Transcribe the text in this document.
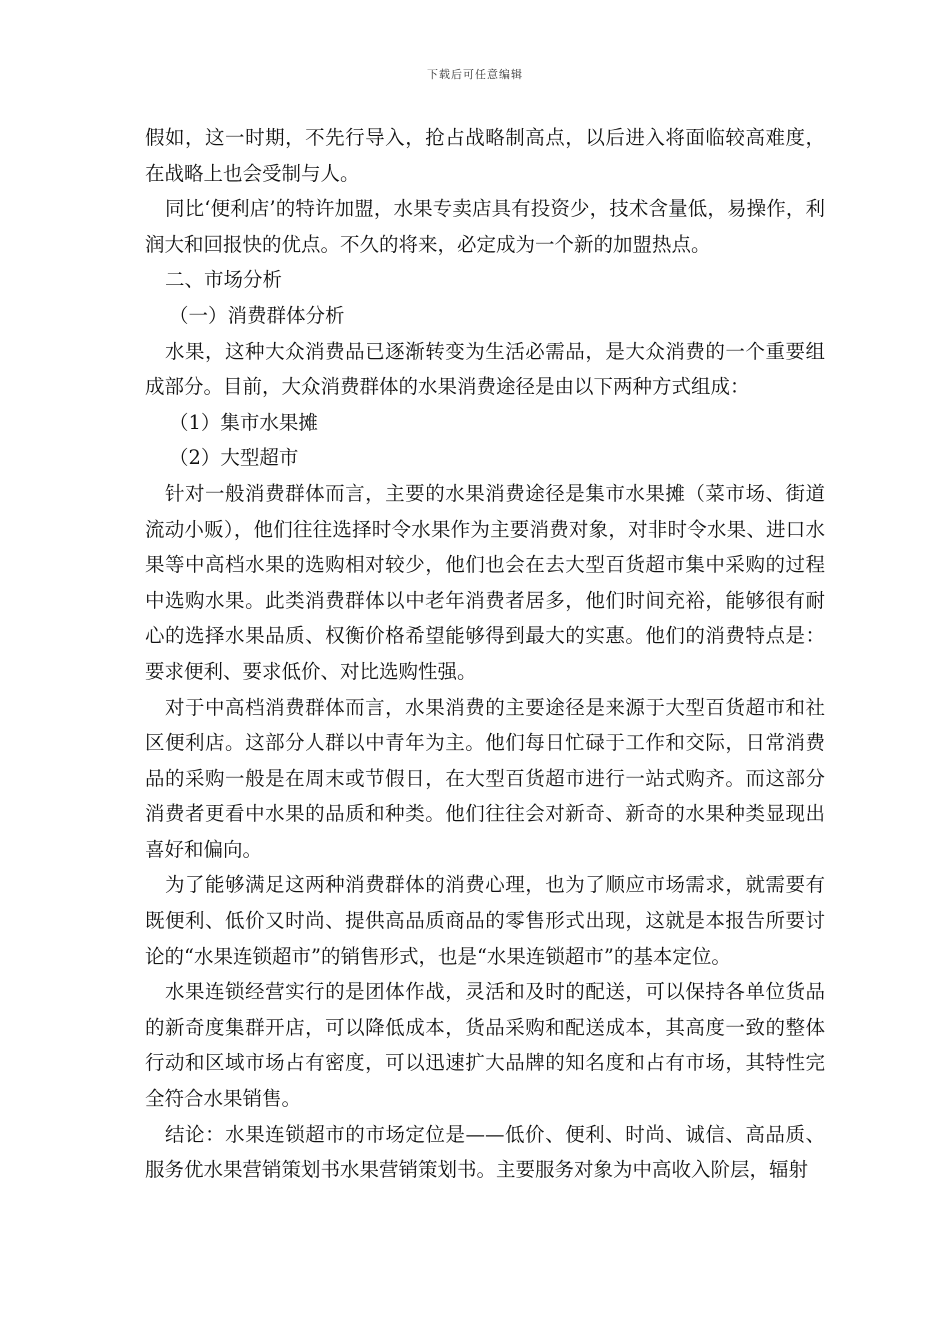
下载后可任意编辑

假如，这一时期，不先行导入，抢占战略制高点，以后进入将面临较高难度，在战略上也会受制与人。

同比‘便利店’的特许加盟，水果专卖店具有投资少，技术含量低，易操作，利润大和回报快的优点。不久的将来，必定成为一个新的加盟热点。

二、市场分析

（一）消费群体分析

水果，这种大众消费品已逐渐转变为生活必需品，是大众消费的一个重要组成部分。目前，大众消费群体的水果消费途径是由以下两种方式组成：

（1）集市水果摊

（2）大型超市

针对一般消费群体而言，主要的水果消费途径是集市水果摊（菜市场、街道流动小贩），他们往往选择时令水果作为主要消费对象，对非时令水果、进口水果等中高档水果的选购相对较少，他们也会在去大型百货超市集中采购的过程中选购水果。此类消费群体以中老年消费者居多，他们时间充裕，能够很有耐心的选择水果品质、权衡价格希望能够得到最大的实惠。他们的消费特点是：要求便利、要求低价、对比选购性强。

对于中高档消费群体而言，水果消费的主要途径是来源于大型百货超市和社区便利店。这部分人群以中青年为主。他们每日忙碌于工作和交际，日常消费品的采购一般是在周末或节假日，在大型百货超市进行一站式购齐。而这部分消费者更看中水果的品质和种类。他们往往会对新奇、新奇的水果种类显现出喜好和偏向。

为了能够满足这两种消费群体的消费心理，也为了顺应市场需求，就需要有既便利、低价又时尚、提供高品质商品的零售形式出现，这就是本报告所要讨论的“水果连锁超市”的销售形式，也是“水果连锁超市”的基本定位。

水果连锁经营实行的是团体作战，灵活和及时的配送，可以保持各单位货品的新奇度集群开店，可以降低成本，货品采购和配送成本，其高度一致的整体行动和区域市场占有密度，可以迅速扩大品牌的知名度和占有市场，其特性完全符合水果销售。

结论：水果连锁超市的市场定位是——低价、便利、时尚、诚信、高品质、服务优水果营销策划书水果营销策划书。主要服务对象为中高收入阶层，辐射
